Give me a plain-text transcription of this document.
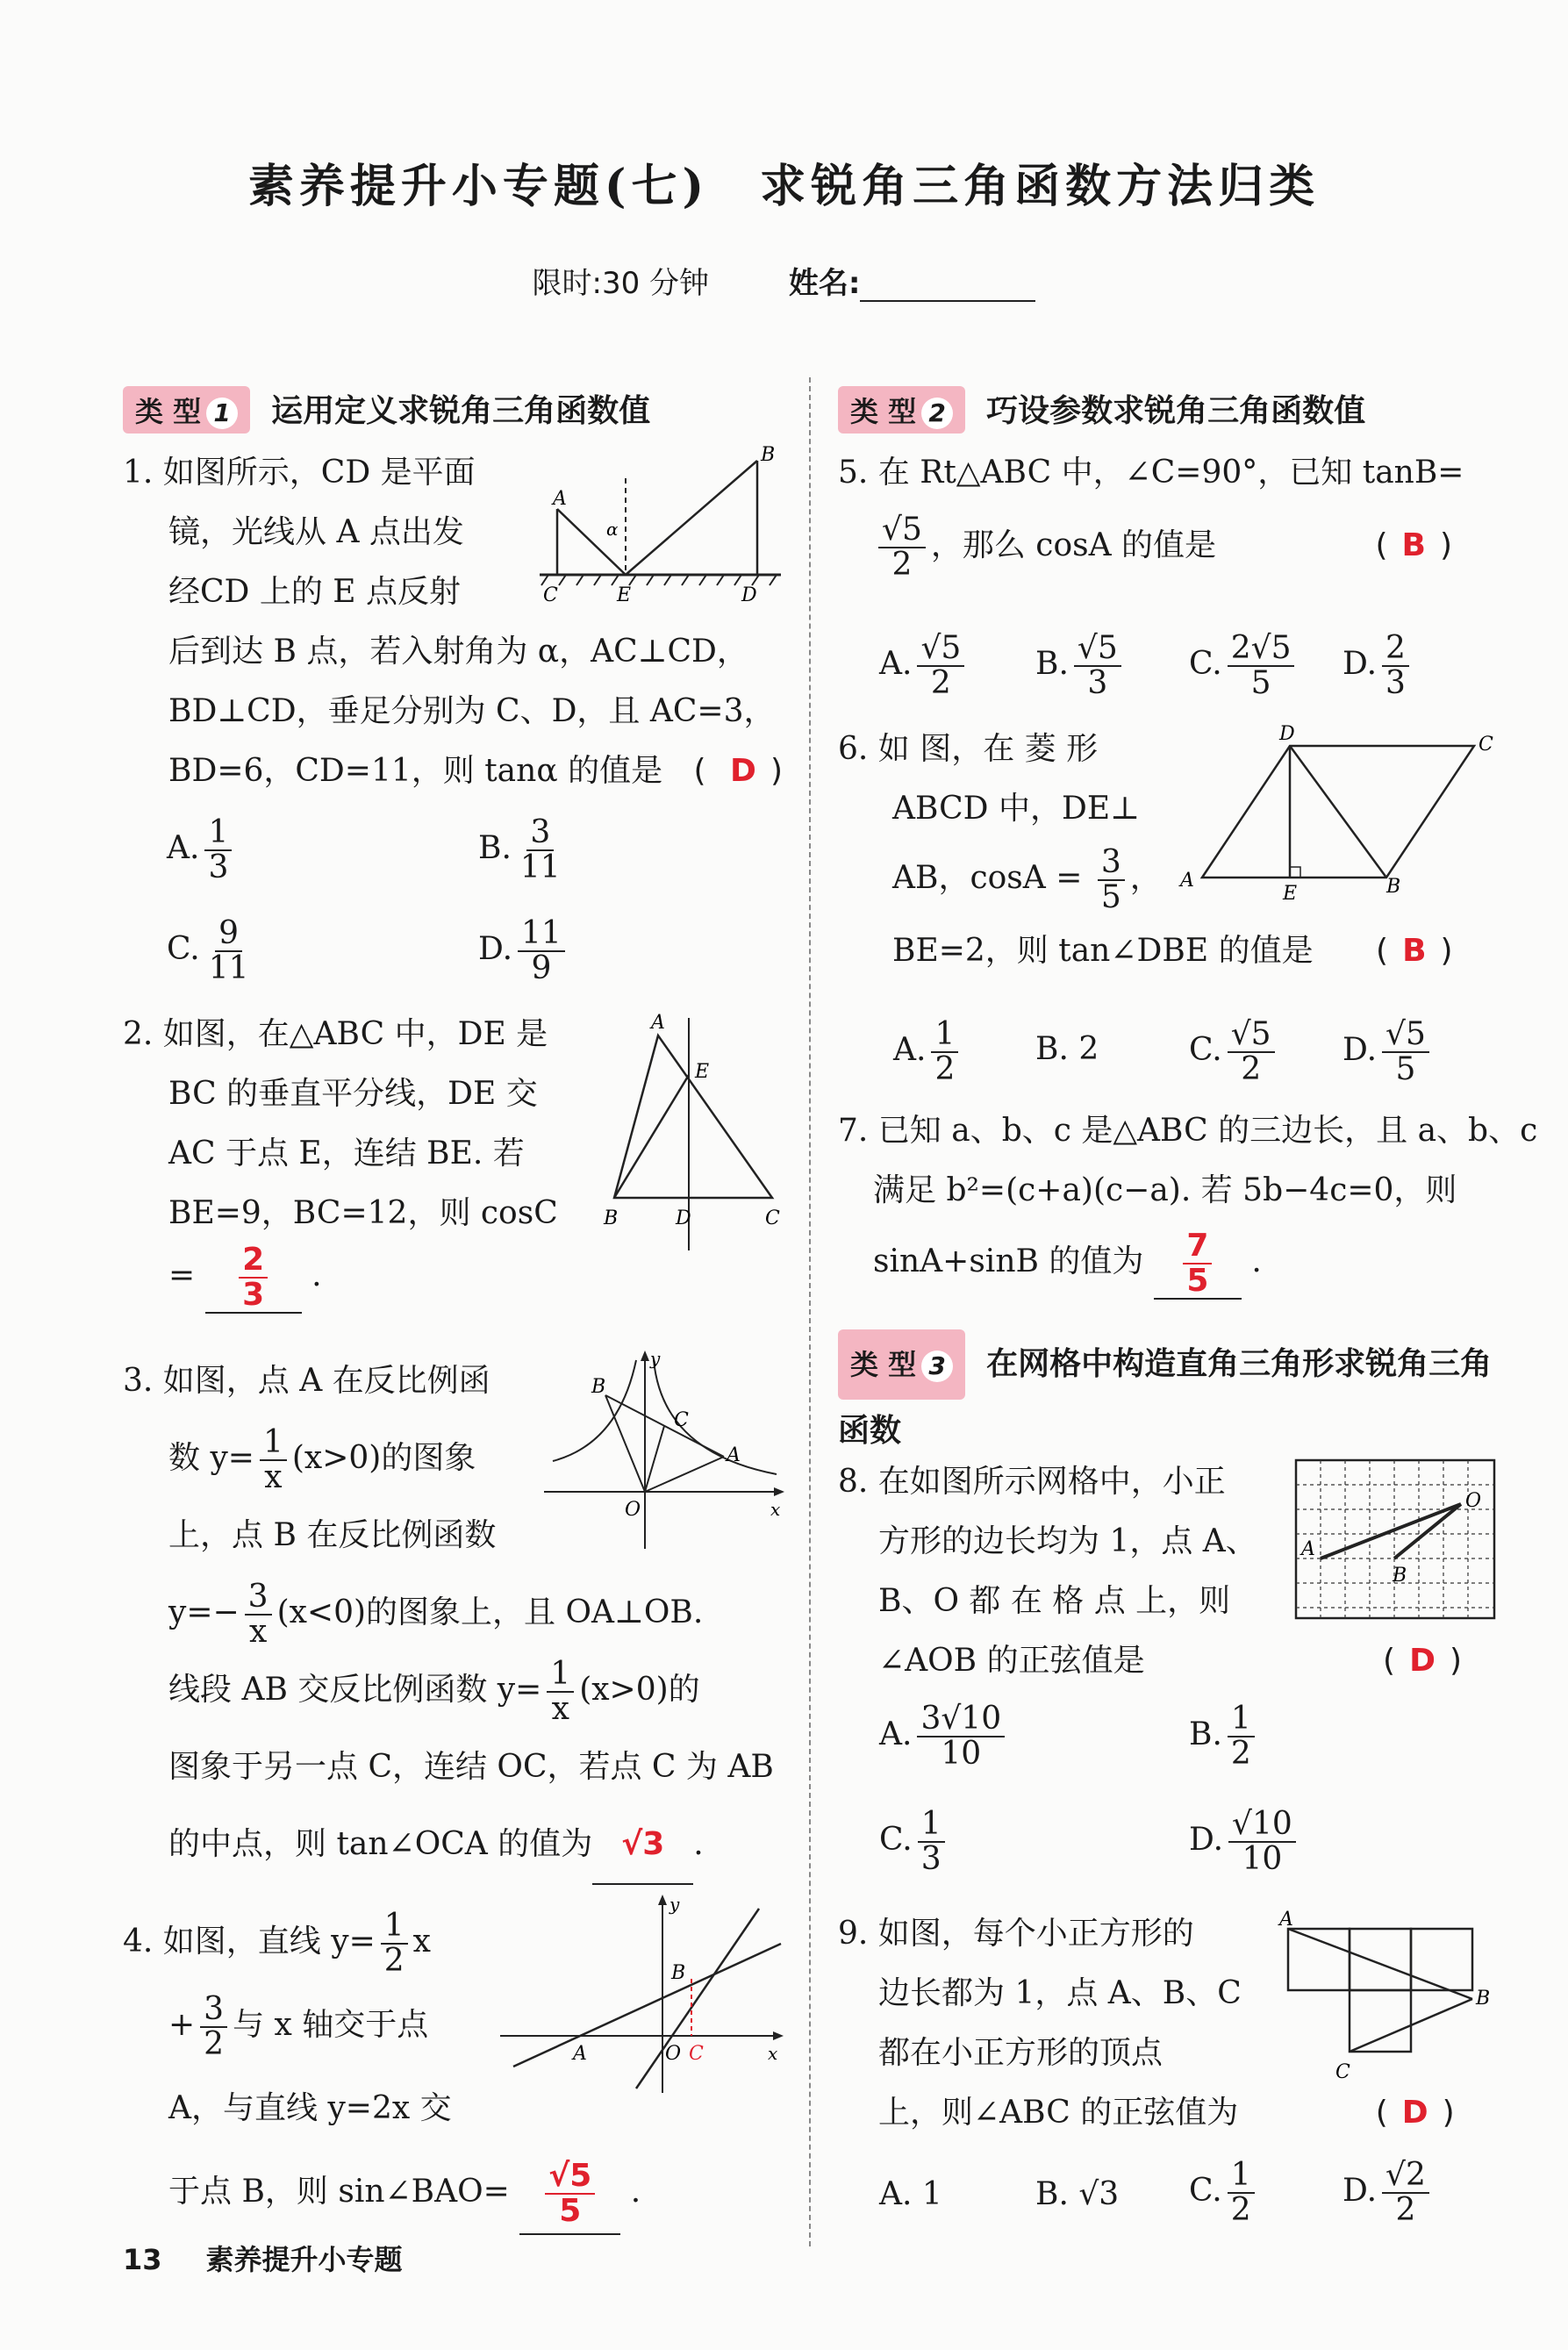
素养提升小专题(七)　求锐角三角函数方法归类
限时:30 分钟	姓名:
类 型 1 运用定义求锐角三角函数值
1. 如图所示，CD 是平面
镜，光线从 A 点出发
经CD 上的 E 点反射
后到达 B 点，若入射角为 α，AC⊥CD，
BD⊥CD，垂足分别为 C、D，且 AC=3，
BD=6，CD=11，则 tanα 的值是 ( D )
A
B
C	E	D
α
A. $\frac{1}{3}$	B. $\frac{3}{11}$
C. $\frac{9}{11}$	D. $\frac{11}{9}$
2. 如图，在△ABC 中，DE 是
BC 的垂直平分线，DE 交
AC 于点 E，连结 BE. 若
BE=9，BC=12，则 cosC
= $\frac{2}{3}$ .
A
E
B	D	C
3. 如图，点 A 在反比例函
数 $y= \frac{1}{x} (x>0)$的图象
上，点 B 在反比例函数
$y=- \frac{3}{x} (x<0)$的图象上，且 OA⊥OB.
线段 AB 交反比例函数 $y= \frac{1}{x} (x>0)$的
图象于另一点 C，连结 OC，若点 C 为 AB
的中点，则 tan∠OCA 的值为 √3 .
y
B
C
A
O	x
4. 如图，直线 $y= \frac{1}{2}$ x
+ $\frac{3}{2}$ 与 x 轴交于点
A，与直线 y=2x 交
于点 B，则 sin∠BAO= $\frac{√5}{5}$ .
y
B
A	O C	x
类 型 2 巧设参数求锐角三角函数值
5. 在 Rt△ABC 中，∠C=90°，已知 tanB=
$\frac{√5}{2}$ ，那么 cosA 的值是	( B )
A. $\frac{√5}{2} B$. $\frac{√5}{3} C$. $\frac{2√5}{5} D$. $\frac{2}{3}$
6. 如 图，在 菱 形
ABCD 中，DE⊥
AB，$\cos A = \frac{3}{5}$ ，
BE=2，则 tan∠DBE 的值是 ( B )
D	C
A
E	B
A. $\frac{1}{2} B$. 2	C. $\frac{√5}{2} D$. $\frac{√5}{5}$
7. 已知 a、b、c 是△ABC 的三边长，且 a、b、c
满足 b²=(c+a)(c−a). 若 5b−4c=0，则
sinA+sinB 的值为 $\frac{7}{5}$ .
类 型 3 在网格中构造直角三角形求锐角三角函数
8. 在如图所示网格中，小正
方形的边长均为 1，点 A、
B、O 都 在 格 点 上，则
∠AOB 的正弦值是	( D )
O
A
B
A. $\frac{3√10}{10}$	B. $\frac{1}{2}$
C. $\frac{1}{3}$	D. $\frac{√10}{10}$
9. 如图，每个小正方形的
边长都为 1，点 A、B、C
都在小正方形的顶点
上，则∠ABC 的正弦值为	( D )
A
B
C
A. 1	B. √3 C. $\frac{1}{2}$	D. $\frac{√2}{2}$
13 素养提升小专题
